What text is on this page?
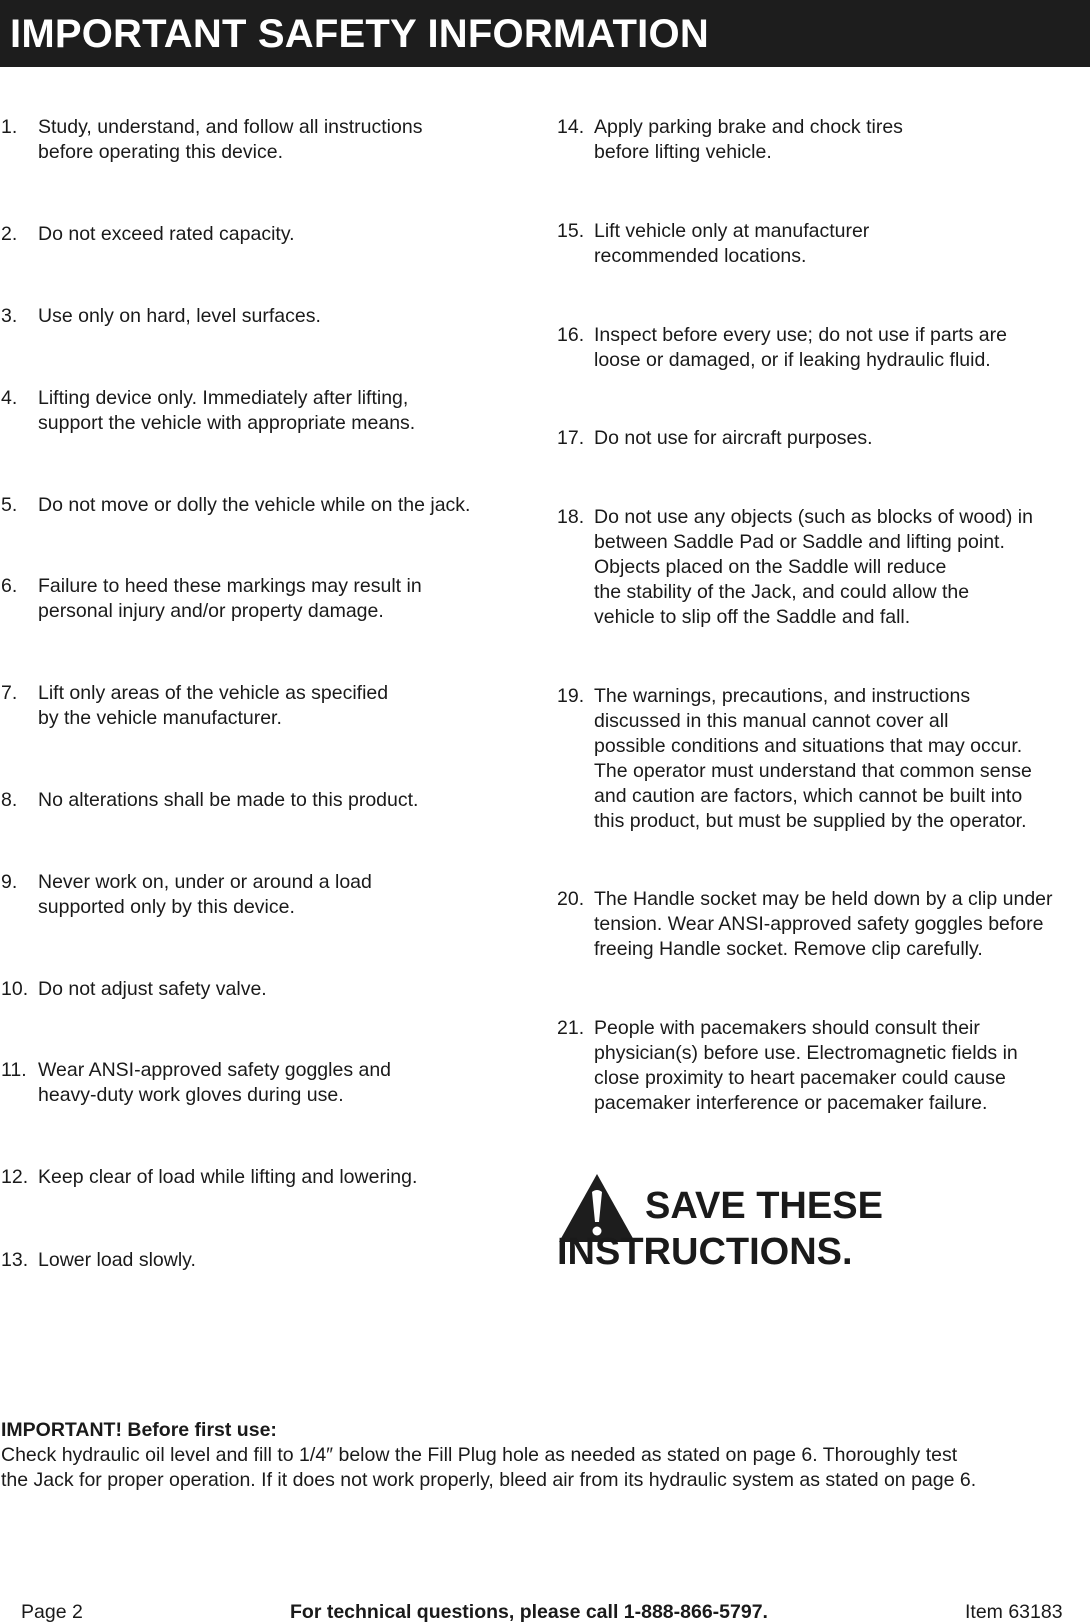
IMPORTANT SAFETY INFORMATION
1. Study, understand, and follow all instructions
before operating this device.
2. Do not exceed rated capacity.
3. Use only on hard, level surfaces.
4. Lifting device only. Immediately after lifting,
support the vehicle with appropriate means.
5. Do not move or dolly the vehicle while on the jack.
6. Failure to heed these markings may result in
personal injury and/or property damage.
7. Lift only areas of the vehicle as specified
by the vehicle manufacturer.
8. No alterations shall be made to this product.
9. Never work on, under or around a load
supported only by this device.
10. Do not adjust safety valve.
11. Wear ANSI-approved safety goggles and
heavy-duty work gloves during use.
12. Keep clear of load while lifting and lowering.
13. Lower load slowly.
14. Apply parking brake and chock tires
before lifting vehicle.
15. Lift vehicle only at manufacturer
recommended locations.
16. Inspect before every use; do not use if parts are
loose or damaged, or if leaking hydraulic fluid.
17. Do not use for aircraft purposes.
18. Do not use any objects (such as blocks of wood) in
between Saddle Pad or Saddle and lifting point.
Objects placed on the Saddle will reduce
the stability of the Jack, and could allow the
vehicle to slip off the Saddle and fall.
19. The warnings, precautions, and instructions
discussed in this manual cannot cover all
possible conditions and situations that may occur.
The operator must understand that common sense
and caution are factors, which cannot be built into
this product, but must be supplied by the operator.
20. The Handle socket may be held down by a clip under
tension. Wear ANSI-approved safety goggles before
freeing Handle socket. Remove clip carefully.
21. People with pacemakers should consult their
physician(s) before use. Electromagnetic fields in
close proximity to heart pacemaker could cause
pacemaker interference or pacemaker failure.
SAVE THESE
INSTRUCTIONS.
IMPORTANT! Before first use:
Check hydraulic oil level and fill to 1/4″ below the Fill Plug hole as needed as stated on page 6. Thoroughly test
the Jack for proper operation. If it does not work properly, bleed air from its hydraulic system as stated on page 6.
Page 2	For technical questions, please call 1-888-866-5797.	Item 63183
